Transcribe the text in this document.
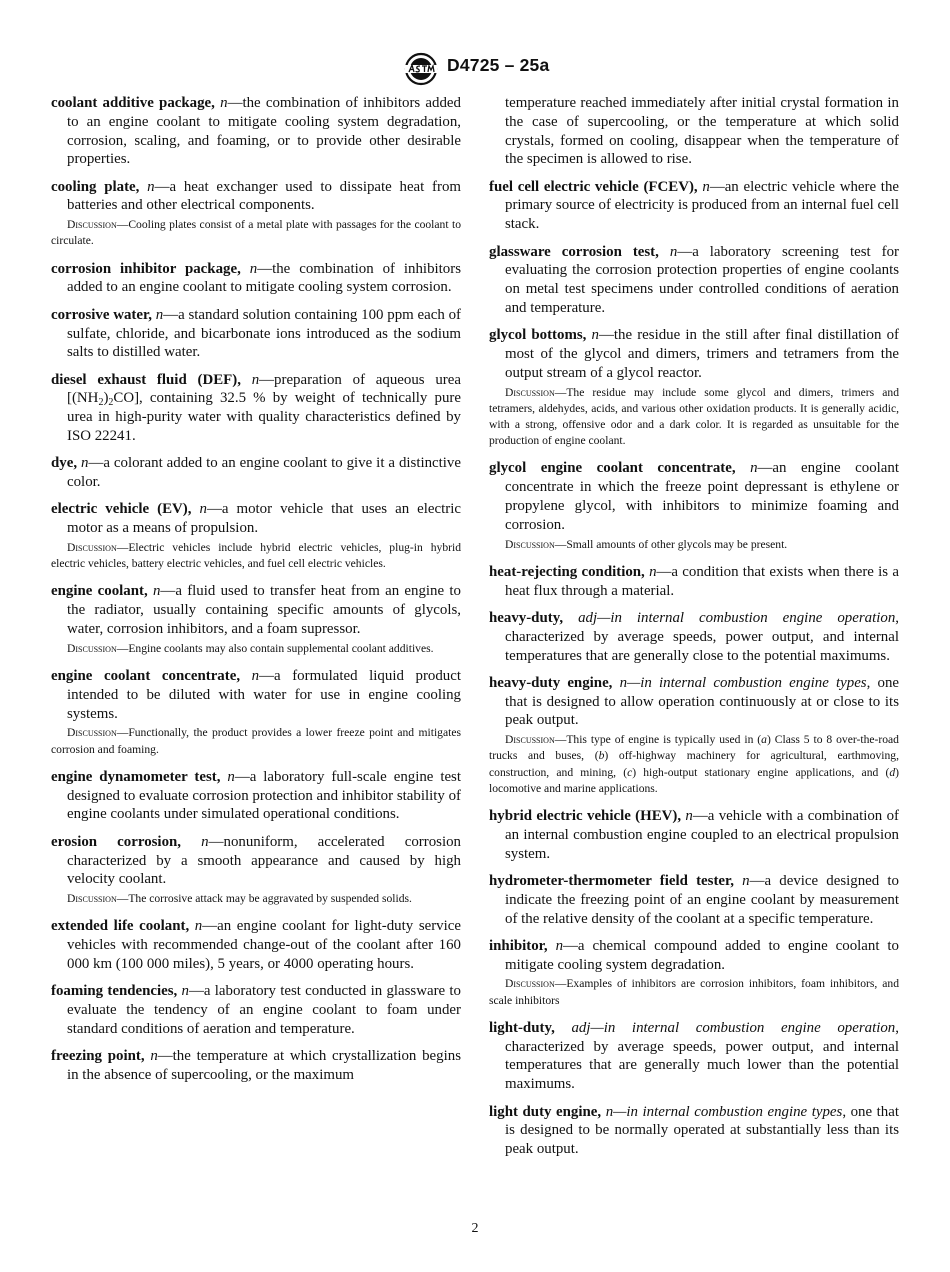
D4725 – 25a

coolant additive package, n—the combination of inhibitors added to an engine coolant to mitigate cooling system degradation, corrosion, scaling, and foaming, or to provide other desirable properties.

cooling plate, n—a heat exchanger used to dissipate heat from batteries and other electrical components.

Discussion—Cooling plates consist of a metal plate with passages for the coolant to circulate.

corrosion inhibitor package, n—the combination of inhibitors added to an engine coolant to mitigate cooling system corrosion.

corrosive water, n—a standard solution containing 100 ppm each of sulfate, chloride, and bicarbonate ions introduced as the sodium salts to distilled water.

diesel exhaust fluid (DEF), n—preparation of aqueous urea $[(NH_2)_2CO]$, containing 32.5 % by weight of technically pure urea in high-purity water with quality characteristics defined by ISO 22241.

dye, n—a colorant added to an engine coolant to give it a distinctive color.

electric vehicle (EV), n—a motor vehicle that uses an electric motor as a means of propulsion.

Discussion—Electric vehicles include hybrid electric vehicles, plug-in hybrid electric vehicles, battery electric vehicles, and fuel cell electric vehicles.

engine coolant, n—a fluid used to transfer heat from an engine to the radiator, usually containing specific amounts of glycols, water, corrosion inhibitors, and a foam supressor.

Discussion—Engine coolants may also contain supplemental coolant additives.

engine coolant concentrate, n—a formulated liquid product intended to be diluted with water for use in engine cooling systems.

Discussion—Functionally, the product provides a lower freeze point and mitigates corrosion and foaming.

engine dynamometer test, n—a laboratory full-scale engine test designed to evaluate corrosion protection and inhibitor stability of engine coolants under simulated operational conditions.

erosion corrosion, n—nonuniform, accelerated corrosion characterized by a smooth appearance and caused by high velocity coolant.

Discussion—The corrosive attack may be aggravated by suspended solids.

extended life coolant, n—an engine coolant for light-duty service vehicles with recommended change-out of the coolant after 160 000 km (100 000 miles), 5 years, or 4000 operating hours.

foaming tendencies, n—a laboratory test conducted in glassware to evaluate the tendency of an engine coolant to foam under standard conditions of aeration and temperature.

freezing point, n—the temperature at which crystallization begins in the absence of supercooling, or the maximum

temperature reached immediately after initial crystal formation in the case of supercooling, or the temperature at which solid crystals, formed on cooling, disappear when the temperature of the specimen is allowed to rise.

fuel cell electric vehicle (FCEV), n—an electric vehicle where the primary source of electricity is produced from an internal fuel cell stack.

glassware corrosion test, n—a laboratory screening test for evaluating the corrosion protection properties of engine coolants on metal test specimens under controlled conditions of aeration and temperature.

glycol bottoms, n—the residue in the still after final distillation of most of the glycol and dimers, trimers and tetramers from the output stream of a glycol reactor.

Discussion—The residue may include some glycol and dimers, trimers and tetramers, aldehydes, acids, and various other oxidation products. It is generally acidic, with a strong, offensive odor and a dark color. It is regarded as unsuitable for the production of engine coolant.

glycol engine coolant concentrate, n—an engine coolant concentrate in which the freeze point depressant is ethylene or propylene glycol, with inhibitors to minimize foaming and corrosion.

Discussion—Small amounts of other glycols may be present.

heat-rejecting condition, n—a condition that exists when there is a heat flux through a material.

heavy-duty, adj—in internal combustion engine operation, characterized by average speeds, power output, and internal temperatures that are generally close to the potential maximums.

heavy-duty engine, n—in internal combustion engine types, one that is designed to allow operation continuously at or close to its peak output.

Discussion—This type of engine is typically used in (a) Class 5 to 8 over-the-road trucks and buses, (b) off-highway machinery for agricultural, earthmoving, construction, and mining, (c) high-output stationary engine applications, and (d) locomotive and marine applications.

hybrid electric vehicle (HEV), n—a vehicle with a combination of an internal combustion engine coupled to an electrical propulsion system.

hydrometer-thermometer field tester, n—a device designed to indicate the freezing point of an engine coolant by measurement of the relative density of the coolant at a specific temperature.

inhibitor, n—a chemical compound added to engine coolant to mitigate cooling system degradation.

Discussion—Examples of inhibitors are corrosion inhibitors, foam inhibitors, and scale inhibitors

light-duty, adj—in internal combustion engine operation, characterized by average speeds, power output, and internal temperatures that are generally much lower than the potential maximums.

light duty engine, n—in internal combustion engine types, one that is designed to be normally operated at substantially less than its peak output.

2
